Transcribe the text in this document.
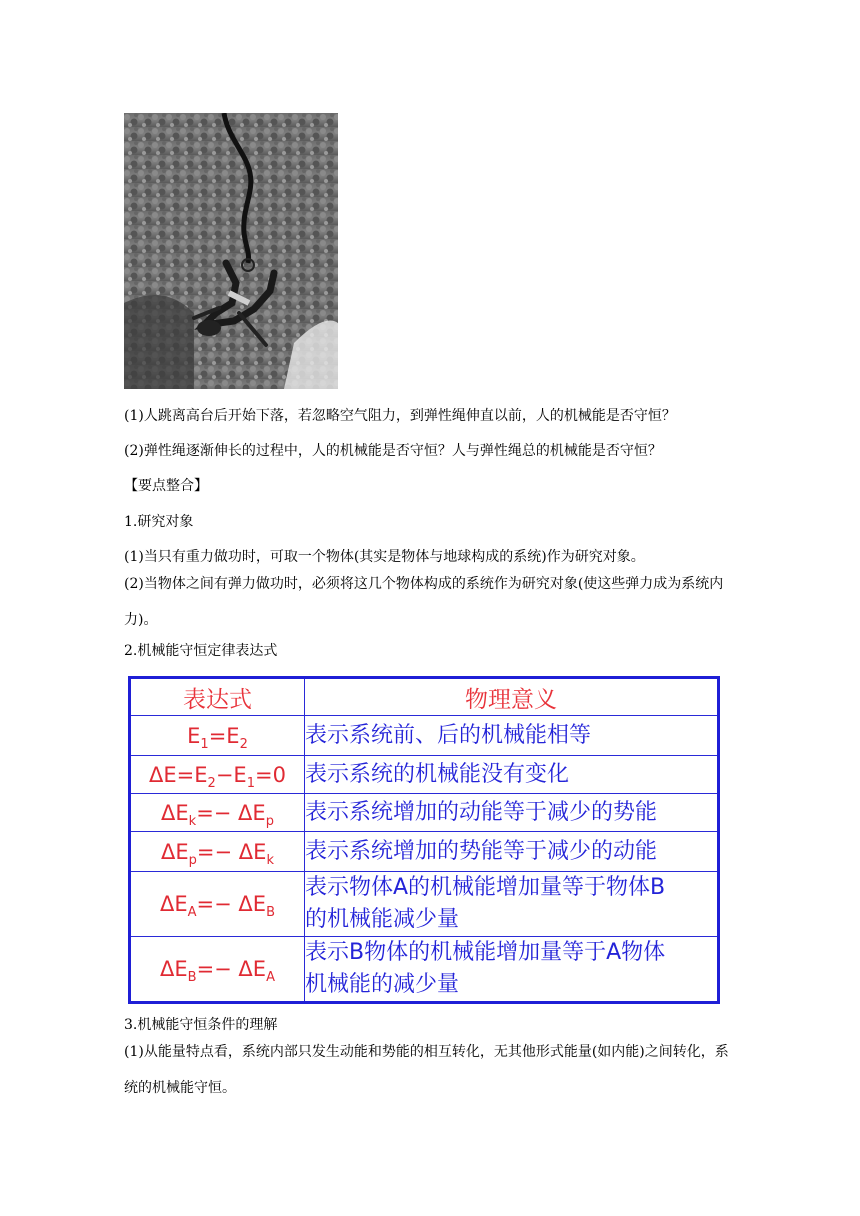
(1)人跳离高台后开始下落，若忽略空气阻力，到弹性绳伸直以前，人的机械能是否守恒？
(2)弹性绳逐渐伸长的过程中，人的机械能是否守恒？人与弹性绳总的机械能是否守恒？
【要点整合】
1.研究对象
(1)当只有重力做功时，可取一个物体(其实是物体与地球构成的系统)作为研究对象。
(2)当物体之间有弹力做功时，必须将这几个物体构成的系统作为研究对象(使这些弹力成为系统内力)。
2.机械能守恒定律表达式
表达式	物理意义
$E_1=E_2$	表示系统前、后的机械能相等
$\Delta E=E_2-E_1=0$	表示系统的机械能没有变化
$\Delta E_k=- \Delta E_p$	表示系统增加的动能等于减少的势能
$\Delta E_p=- \Delta E_k$	表示系统增加的势能等于减少的动能
$\Delta E_A=- \Delta E_B$	表示物体A的机械能增加量等于物体B
的机械能减少量
$\Delta E_B=- \Delta E_A$	表示B物体的机械能增加量等于A物体
机械能的减少量
3.机械能守恒条件的理解
(1)从能量特点看，系统内部只发生动能和势能的相互转化，无其他形式能量(如内能)之间转化，系统的机械能守恒。
